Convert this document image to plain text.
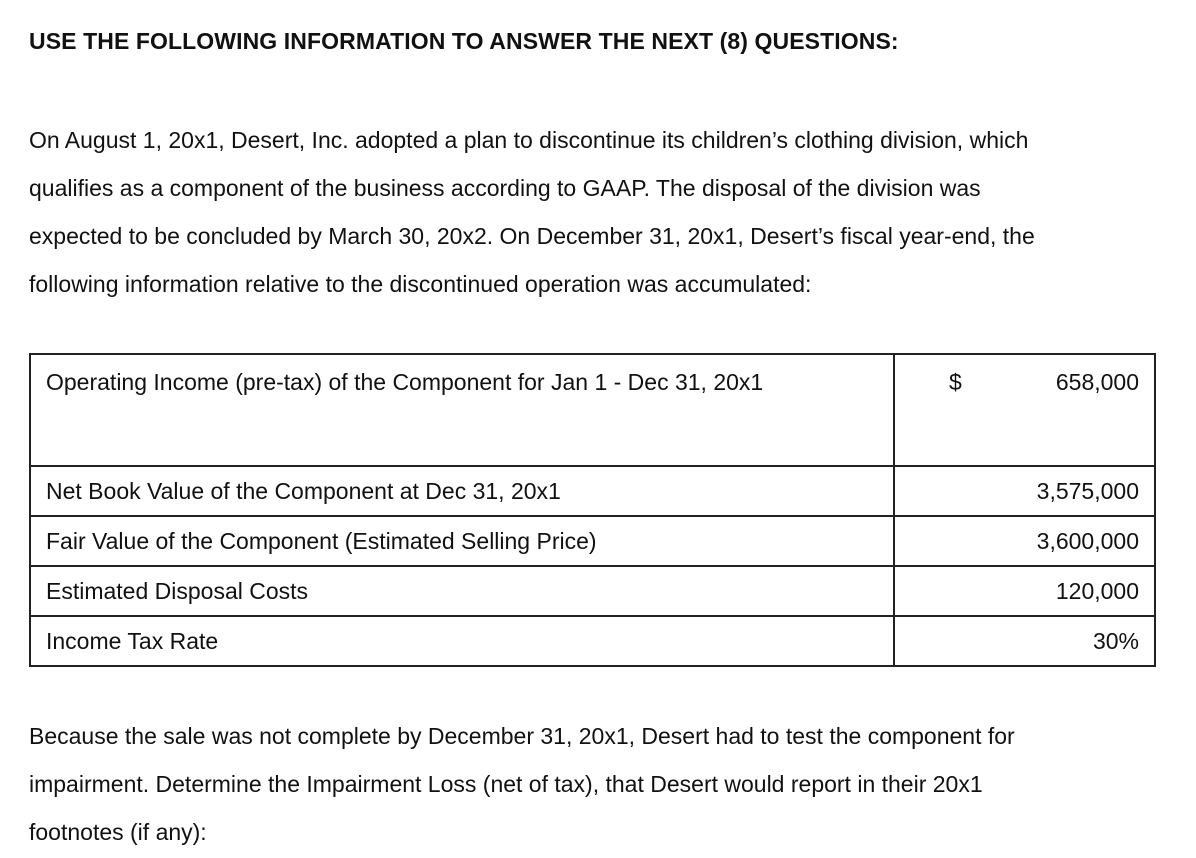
USE THE FOLLOWING INFORMATION TO ANSWER THE NEXT (8) QUESTIONS:
On August 1, 20x1, Desert, Inc. adopted a plan to discontinue its children’s clothing division, which
qualifies as a component of the business according to GAAP. The disposal of the division was
expected to be concluded by March 30, 20x2. On December 31, 20x1, Desert’s fiscal year-end, the
following information relative to the discontinued operation was accumulated:
Operating Income (pre-tax) of the Component for Jan 1 - Dec 31, 20x1	$ 658,000
Net Book Value of the Component at Dec 31, 20x1	3,575,000
Fair Value of the Component (Estimated Selling Price)	3,600,000
Estimated Disposal Costs	120,000
Income Tax Rate	30%
Because the sale was not complete by December 31, 20x1, Desert had to test the component for
impairment. Determine the Impairment Loss (net of tax), that Desert would report in their 20x1
footnotes (if any):
